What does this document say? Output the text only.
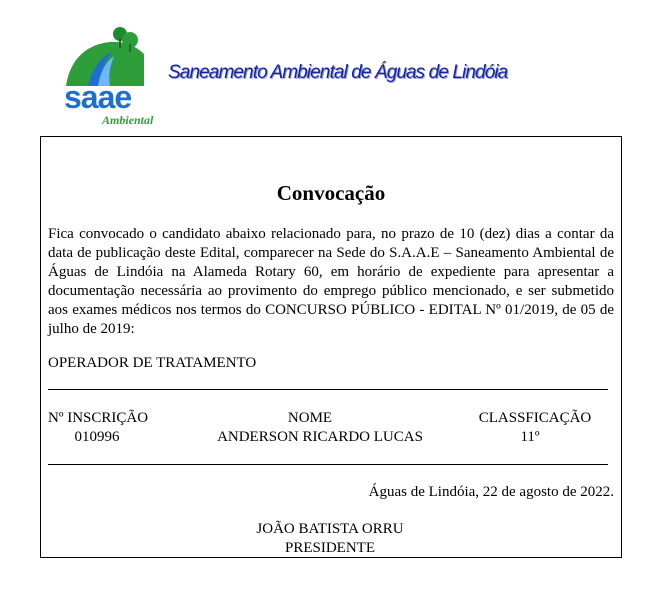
saae
Ambiental
Saneamento Ambiental de Águas de Lindóia
Convocação
Fica convocado o candidato abaixo relacionado para, no prazo de 10 (dez) dias a contar da data de publicação deste Edital, comparecer na Sede do S.A.A.E – Saneamento Ambiental de Águas de Lindóia na Alameda Rotary 60, em horário de expediente para apresentar a documentação necessária ao provimento do emprego público mencionado, e ser submetido aos exames médicos nos termos do CONCURSO PÚBLICO - EDITAL Nº 01/2019, de 05 de julho de 2019:
OPERADOR DE TRATAMENTO
Nº INSCRIÇÃO	NOME	CLASSFICAÇÃO
010996	ANDERSON RICARDO LUCAS	11º
Águas de Lindóia, 22 de agosto de 2022.
JOÃO BATISTA ORRU
PRESIDENTE
